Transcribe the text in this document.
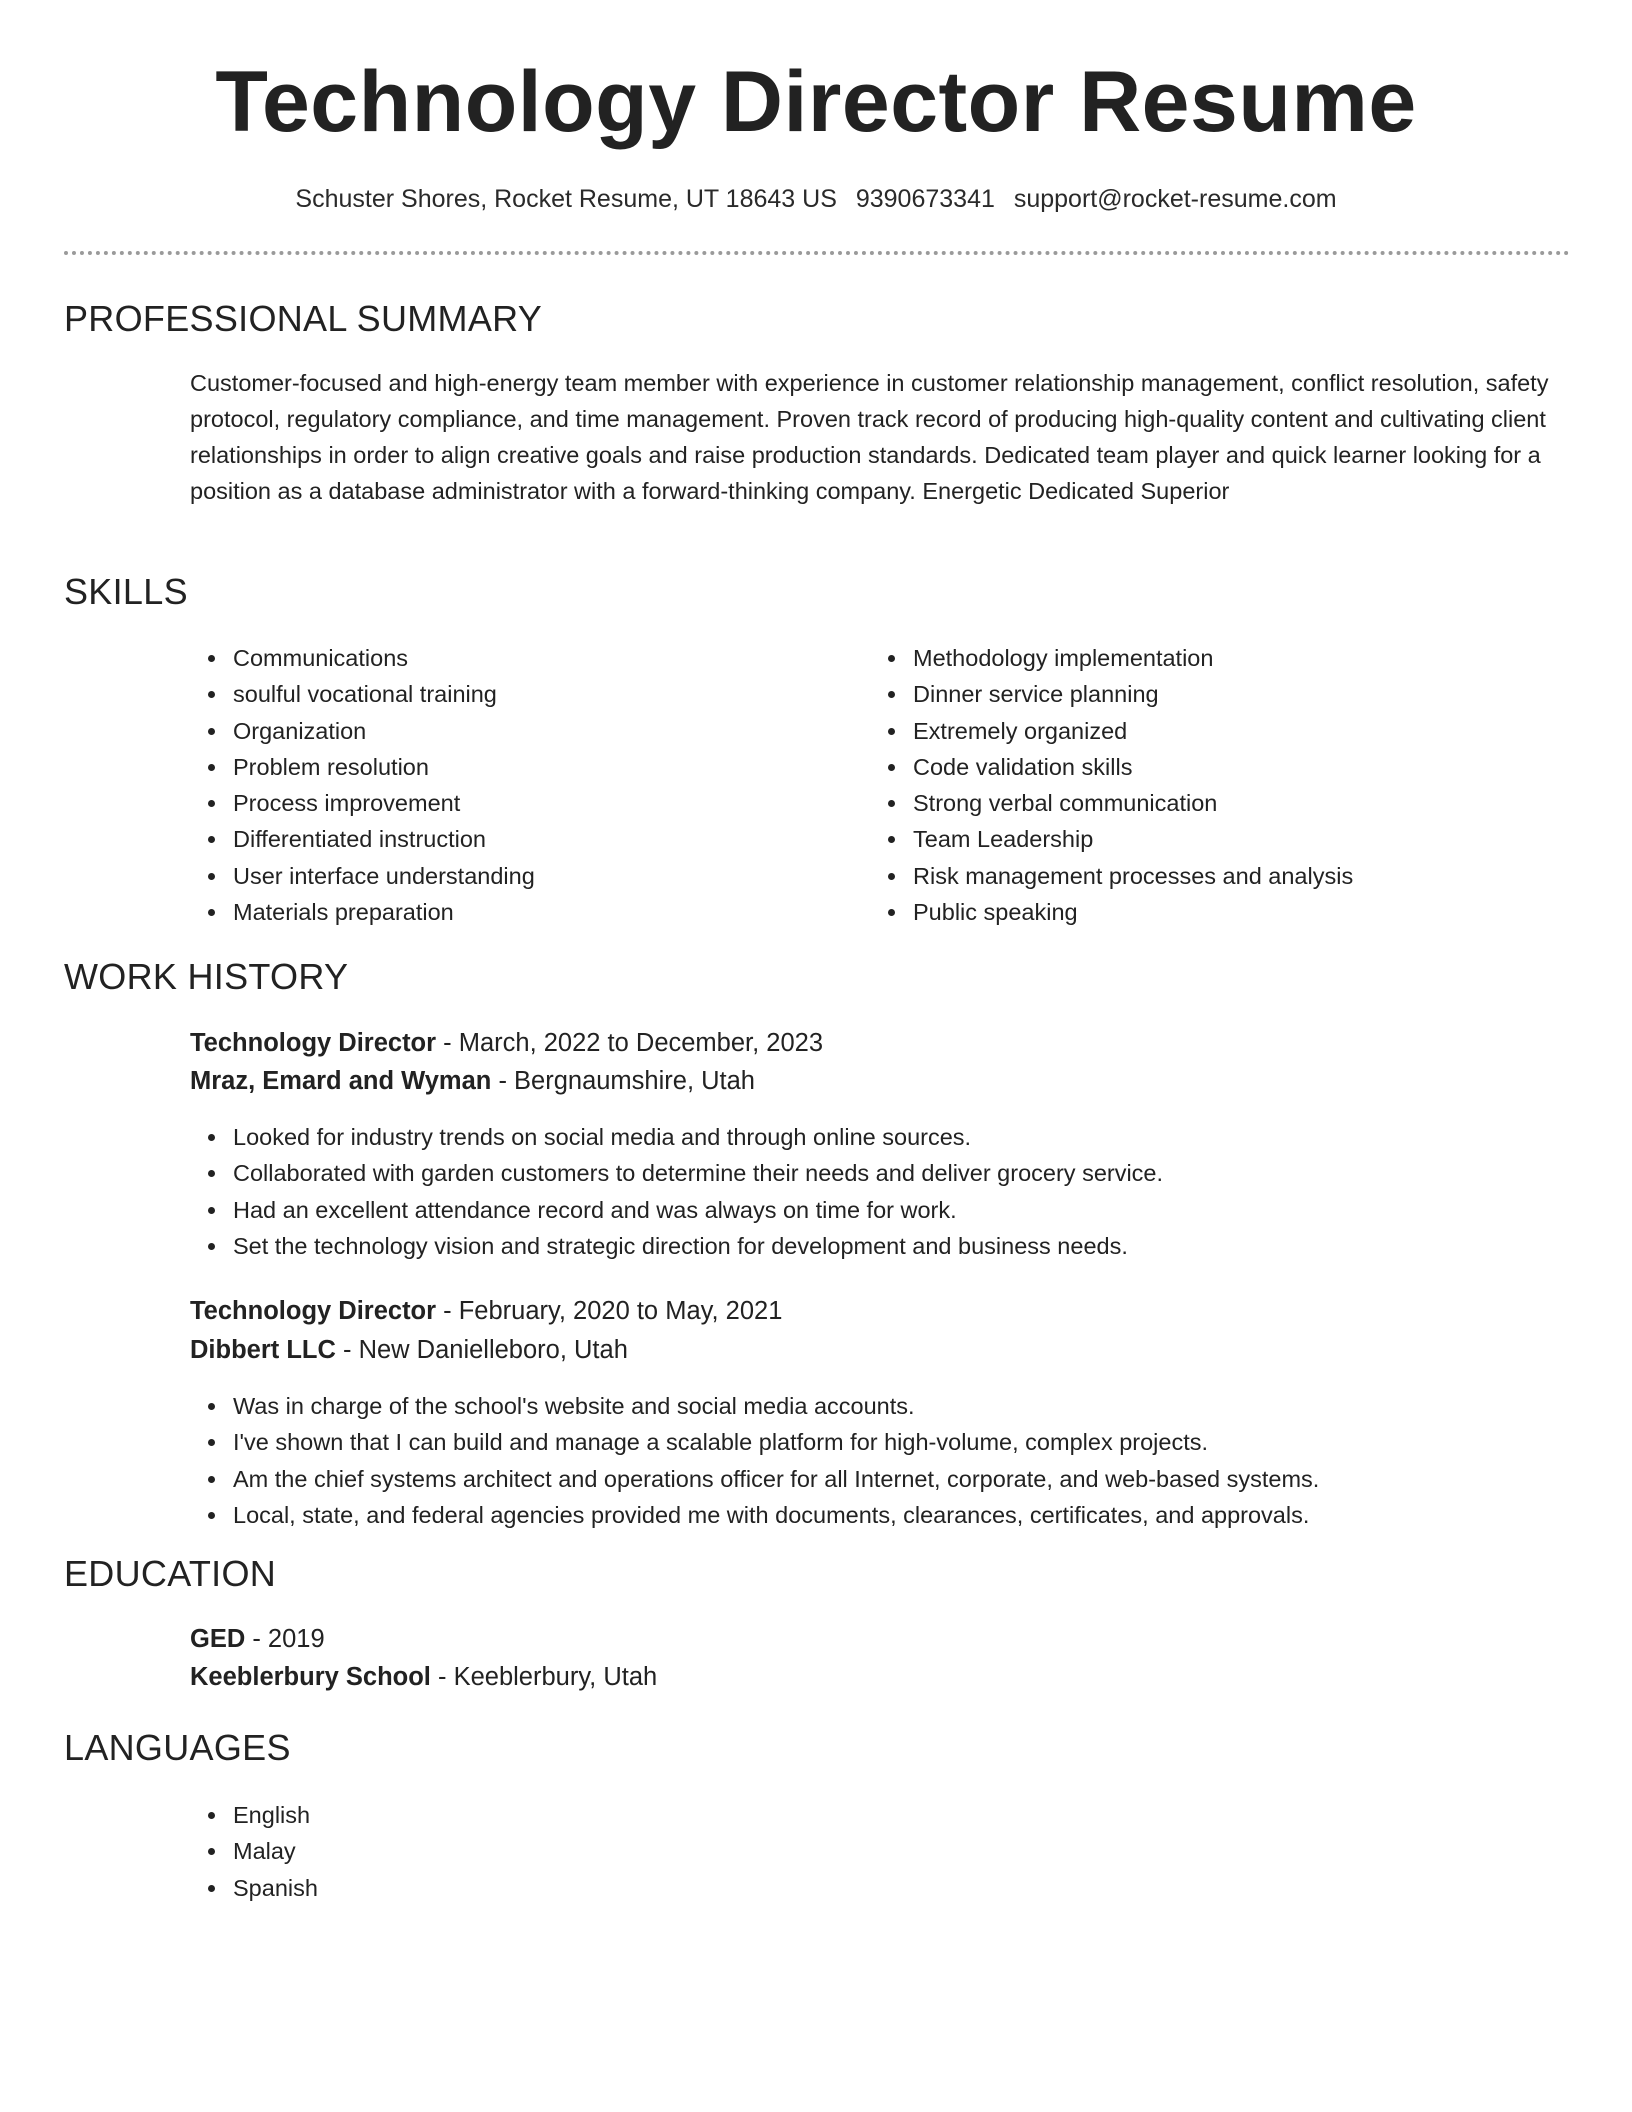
Technology Director Resume
Schuster Shores, Rocket Resume, UT 18643 US 9390673341 support@rocket-resume.com
PROFESSIONAL SUMMARY

Customer-focused and high-energy team member with experience in customer relationship management, conflict resolution, safety protocol, regulatory compliance, and time management. Proven track record of producing high-quality content and cultivating client relationships in order to align creative goals and raise production standards. Dedicated team player and quick learner looking for a position as a database administrator with a forward-thinking company. Energetic Dedicated Superior

SKILLS
Communications
soulful vocational training
Organization
Problem resolution
Process improvement
Differentiated instruction
User interface understanding
Materials preparation
Methodology implementation
Dinner service planning
Extremely organized
Code validation skills
Strong verbal communication
Team Leadership
Risk management processes and analysis
Public speaking
WORK HISTORY
Technology Director - March, 2022 to December, 2023
Mraz, Emard and Wyman - Bergnaumshire, Utah
Looked for industry trends on social media and through online sources.
Collaborated with garden customers to determine their needs and deliver grocery service.
Had an excellent attendance record and was always on time for work.
Set the technology vision and strategic direction for development and business needs.
Technology Director - February, 2020 to May, 2021
Dibbert LLC - New Danielleboro, Utah
Was in charge of the school's website and social media accounts.
I've shown that I can build and manage a scalable platform for high-volume, complex projects.
Am the chief systems architect and operations officer for all Internet, corporate, and web-based systems.
Local, state, and federal agencies provided me with documents, clearances, certificates, and approvals.
EDUCATION
GED - 2019
Keeblerbury School - Keeblerbury, Utah
LANGUAGES
English
Malay
Spanish
